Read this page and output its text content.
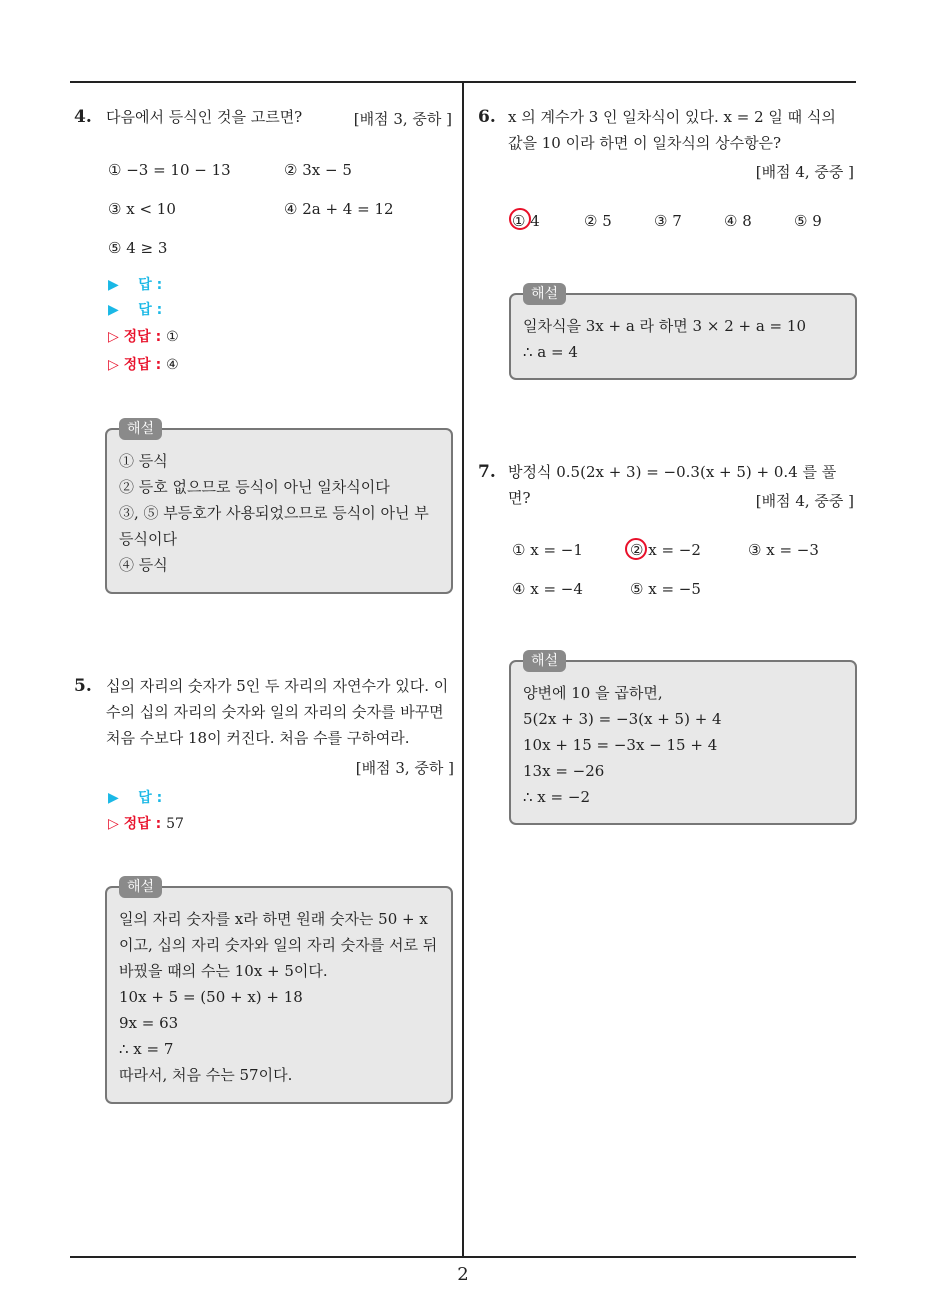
4. 다음에서 등식인 것을 고르면?	[배점 3, 중하 ]
① −3 = 10 − 13	② 3x − 5
③ x < 10	④ 2a + 4 = 12
⑤ 4 ≥ 3
▶ 답 :
▶ 답 :
▷ 정답 : ①
▷ 정답 : ④
해설
① 등식
② 등호 없으므로 등식이 아닌 일차식이다
③, ⑤ 부등호가 사용되었으므로 등식이 아닌 부
등식이다
④ 등식
5. 십의 자리의 숫자가 5인 두 자리의 자연수가 있다. 이
수의 십의 자리의 숫자와 일의 자리의 숫자를 바꾸면
처음 수보다 18이 커진다. 처음 수를 구하여라.
[배점 3, 중하 ]
▶ 답 :
▷ 정답 : 57
해설
일의 자리 숫자를 x라 하면 원래 숫자는 50 + x
이고, 십의 자리 숫자와 일의 자리 숫자를 서로 뒤
바꿨을 때의 수는 10x + 5이다.
10x + 5 = (50 + x) + 18
9x = 63
∴ x = 7
따라서, 처음 수는 57이다.
6. x 의 계수가 3 인 일차식이 있다. x = 2 일 때 식의
값을 10 이라 하면 이 일차식의 상수항은?
[배점 4, 중중 ]
① 4	② 5	③ 7	④ 8	⑤ 9
해설
일차식을 3x + a 라 하면 3 × 2 + a = 10
∴ a = 4
7. 방정식 0.5(2x + 3) = −0.3(x + 5) + 0.4 를 풀면?	[배점 4, 중중 ]
① x = −1	② x = −2	③ x = −3
④ x = −4	⑤ x = −5
해설
양변에 10 을 곱하면,
5(2x + 3) = −3(x + 5) + 4
10x + 15 = −3x − 15 + 4
13x = −26
∴ x = −2
2
